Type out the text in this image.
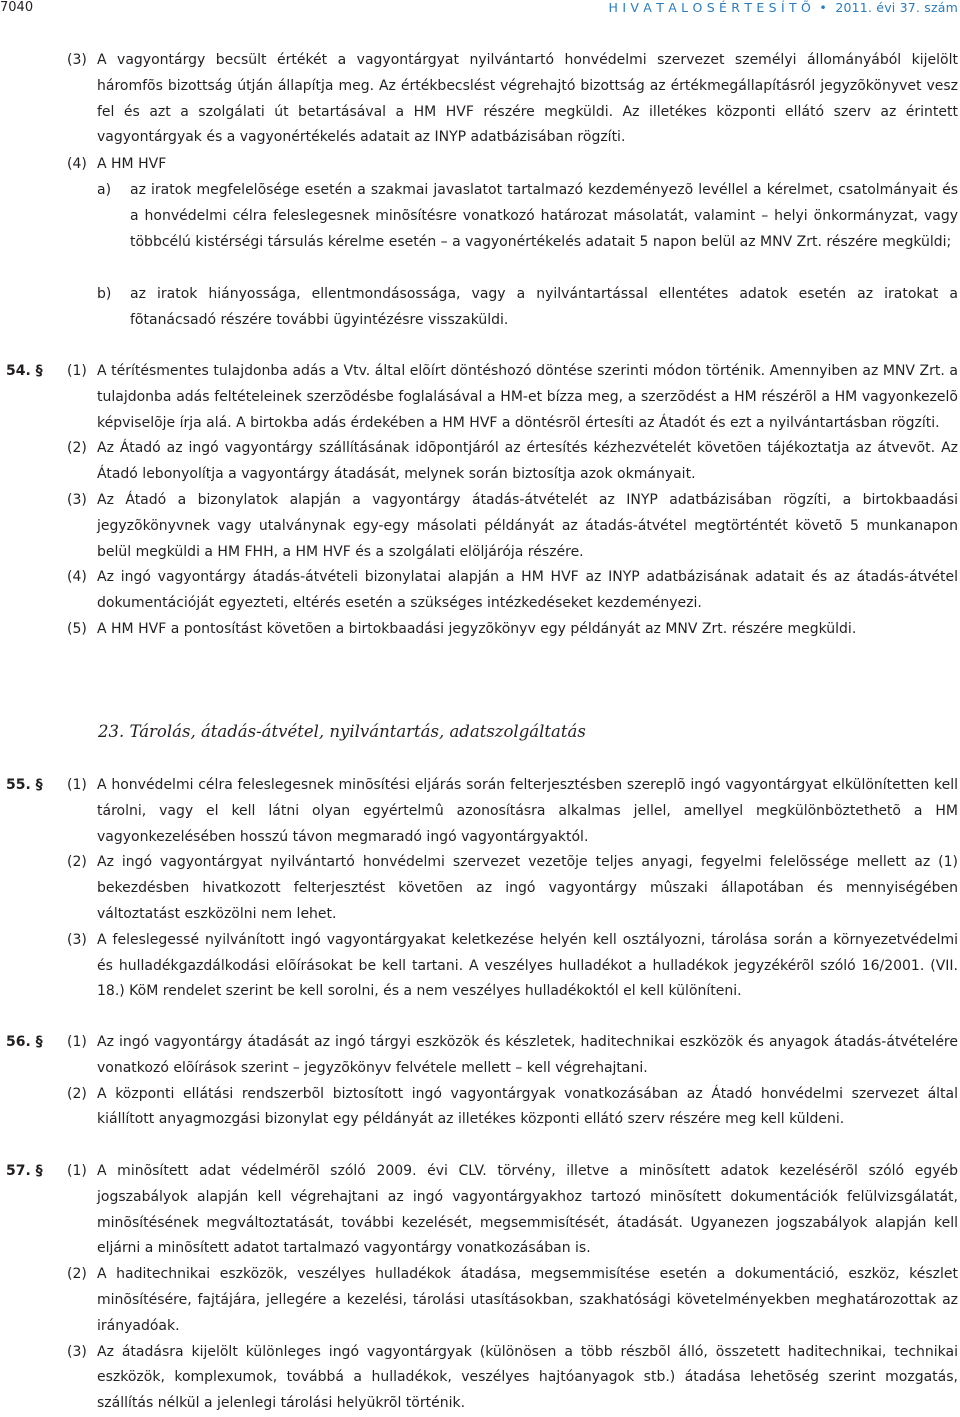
7040	H I V A T A L O S É R T E S Í T Õ • 2011. évi 37. szám
(3) A vagyontárgy becsült értékét a vagyontárgyat nyilvántartó honvédelmi szervezet személyi állományából kijelölt háromfõs bizottság útján állapítja meg. Az értékbecslést végrehajtó bizottság az értékmegállapításról jegyzõkönyvet vesz fel és azt a szolgálati út betartásával a HM HVF részére megküldi. Az illetékes központi ellátó szerv az érintett vagyontárgyak és a vagyonértékelés adatait az INYP adatbázisában rögzíti.
(4) A HM HVF
a) az iratok megfelelõsége esetén a szakmai javaslatot tartalmazó kezdeményezõ levéllel a kérelmet, csatolmányait és a honvédelmi célra feleslegesnek minõsítésre vonatkozó határozat másolatát, valamint – helyi önkormányzat, vagy többcélú kistérségi társulás kérelme esetén – a vagyonértékelés adatait 5 napon belül az MNV Zrt. részére megküldi;
b) az iratok hiányossága, ellentmondásossága, vagy a nyilvántartással ellentétes adatok esetén az iratokat a fõtanácsadó részére további ügyintézésre visszaküldi.
54. § (1) A térítésmentes tulajdonba adás a Vtv. által elõírt döntéshozó döntése szerinti módon történik. Amennyiben az MNV Zrt. a tulajdonba adás feltételeinek szerzõdésbe foglalásával a HM-et bízza meg, a szerzõdést a HM részérõl a HM vagyonkezelõ képviselõje írja alá. A birtokba adás érdekében a HM HVF a döntésrõl értesíti az Átadót és ezt a nyilvántartásban rögzíti.
(2) Az Átadó az ingó vagyontárgy szállításának idõpontjáról az értesítés kézhezvételét követõen tájékoztatja az átvevõt. Az Átadó lebonyolítja a vagyontárgy átadását, melynek során biztosítja azok okmányait.
(3) Az Átadó a bizonylatok alapján a vagyontárgy átadás-átvételét az INYP adatbázisában rögzíti, a birtokbaadási jegyzõkönyvnek vagy utalványnak egy-egy másolati példányát az átadás-átvétel megtörténtét követõ 5 munkanapon belül megküldi a HM FHH, a HM HVF és a szolgálati elöljárója részére.
(4) Az ingó vagyontárgy átadás-átvételi bizonylatai alapján a HM HVF az INYP adatbázisának adatait és az átadás-átvétel dokumentációját egyezteti, eltérés esetén a szükséges intézkedéseket kezdeményezi.
(5) A HM HVF a pontosítást követõen a birtokbaadási jegyzõkönyv egy példányát az MNV Zrt. részére megküldi.
23. Tárolás, átadás-átvétel, nyilvántartás, adatszolgáltatás
55. § (1) A honvédelmi célra feleslegesnek minõsítési eljárás során felterjesztésben szereplõ ingó vagyontárgyat elkülönítetten kell tárolni, vagy el kell látni olyan egyértelmû azonosításra alkalmas jellel, amellyel megkülönböztethetõ a HM vagyonkezelésében hosszú távon megmaradó ingó vagyontárgyaktól.
(2) Az ingó vagyontárgyat nyilvántartó honvédelmi szervezet vezetõje teljes anyagi, fegyelmi felelõssége mellett az (1) bekezdésben hivatkozott felterjesztést követõen az ingó vagyontárgy mûszaki állapotában és mennyiségében változtatást eszközölni nem lehet.
(3) A feleslegessé nyilvánított ingó vagyontárgyakat keletkezése helyén kell osztályozni, tárolása során a környezetvédelmi és hulladékgazdálkodási elõírásokat be kell tartani. A veszélyes hulladékot a hulladékok jegyzékérõl szóló 16/2001. (VII. 18.) KöM rendelet szerint be kell sorolni, és a nem veszélyes hulladékoktól el kell különíteni.
56. § (1) Az ingó vagyontárgy átadását az ingó tárgyi eszközök és készletek, haditechnikai eszközök és anyagok átadás-átvételére vonatkozó elõírások szerint – jegyzõkönyv felvétele mellett – kell végrehajtani.
(2) A központi ellátási rendszerbõl biztosított ingó vagyontárgyak vonatkozásában az Átadó honvédelmi szervezet által kiállított anyagmozgási bizonylat egy példányát az illetékes központi ellátó szerv részére meg kell küldeni.
57. § (1) A minõsített adat védelmérõl szóló 2009. évi CLV. törvény, illetve a minõsített adatok kezelésérõl szóló egyéb jogszabályok alapján kell végrehajtani az ingó vagyontárgyakhoz tartozó minõsített dokumentációk felülvizsgálatát, minõsítésének megváltoztatását, további kezelését, megsemmisítését, átadását. Ugyanezen jogszabályok alapján kell eljárni a minõsített adatot tartalmazó vagyontárgy vonatkozásában is.
(2) A haditechnikai eszközök, veszélyes hulladékok átadása, megsemmisítése esetén a dokumentáció, eszköz, készlet minõsítésére, fajtájára, jellegére a kezelési, tárolási utasításokban, szakhatósági követelményekben meghatározottak az irányadóak.
(3) Az átadásra kijelölt különleges ingó vagyontárgyak (különösen a több részbõl álló, összetett haditechnikai, technikai eszközök, komplexumok, továbbá a hulladékok, veszélyes hajtóanyagok stb.) átadása lehetõség szerint mozgatás, szállítás nélkül a jelenlegi tárolási helyükrõl történik.
